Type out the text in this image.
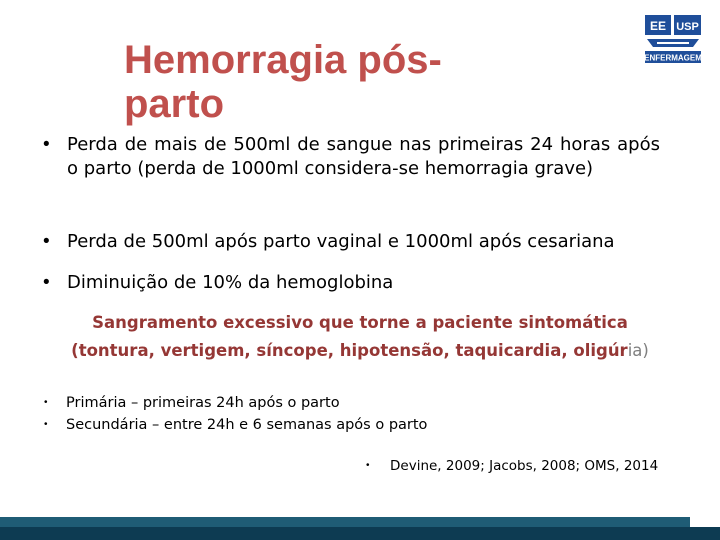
EE USP
ENFERMAGEM
Hemorragia pós-
parto
• Perda de mais de 500ml de sangue nas primeiras 24 horas após o parto (perda de 1000ml considera-se hemorragia grave)
• Perda de 500ml após parto vaginal e 1000ml após cesariana
• Diminuição de 10% da hemoglobina
Sangramento excessivo que torne a paciente sintomática
(tontura, vertigem, síncope, hipotensão, taquicardia, oligúria)
• Primária – primeiras 24h após o parto
• Secundária – entre 24h e 6 semanas após o parto
• Devine, 2009; Jacobs, 2008; OMS, 2014
